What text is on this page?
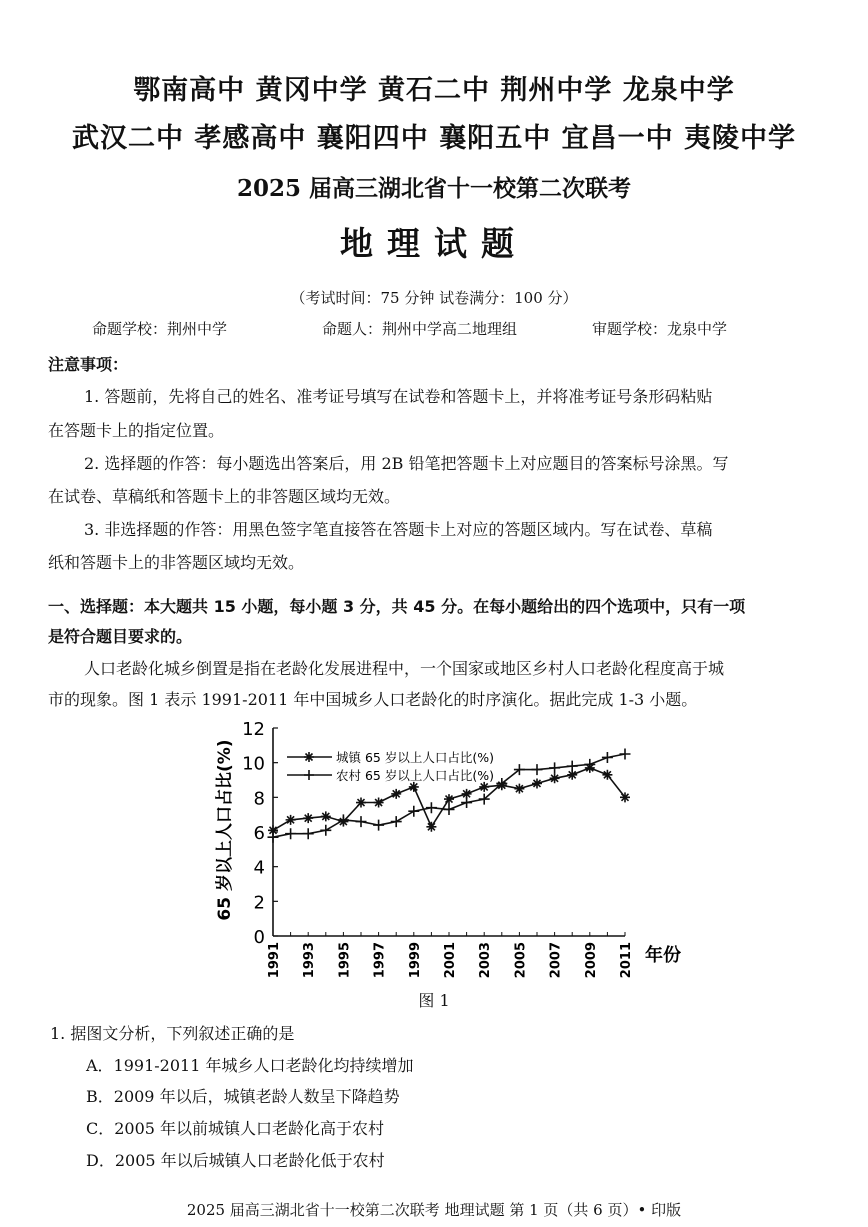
鄂南高中 黄冈中学 黄石二中 荆州中学 龙泉中学
武汉二中 孝感高中 襄阳四中 襄阳五中 宜昌一中 夷陵中学
2025 届高三湖北省十一校第二次联考
地理试题
（考试时间：75 分钟 试卷满分：100 分）
命题学校：荆州中学	命题人：荆州中学高二地理组	审题学校：龙泉中学
注意事项：
1. 答题前，先将自己的姓名、准考证号填写在试卷和答题卡上，并将准考证号条形码粘贴
在答题卡上的指定位置。
2. 选择题的作答：每小题选出答案后，用 2B 铅笔把答题卡上对应题目的答案标号涂黑。写
在试卷、草稿纸和答题卡上的非答题区域均无效。
3. 非选择题的作答：用黑色签字笔直接答在答题卡上对应的答题区域内。写在试卷、草稿
纸和答题卡上的非答题区域均无效。
一、选择题：本大题共 15 小题，每小题 3 分，共 45 分。在每小题给出的四个选项中，只有一项
是符合题目要求的。
人口老龄化城乡倒置是指在老龄化发展进程中，一个国家或地区乡村人口老龄化程度高于城
市的现象。图 1 表示 1991-2011 年中国城乡人口老龄化的时序演化。据此完成 1-3 小题。
65 岁以上人口占比(%)
年份
0
2
4
6
8
10
12
1991 1993 1995 1997 1999 2001 2003 2005 2007 2009 2011
城镇 65 岁以上人口占比(%)
农村 65 岁以上人口占比(%)
图 1
1. 据图文分析，下列叙述正确的是
A．1991-2011 年城乡人口老龄化均持续增加
B．2009 年以后，城镇老龄人数呈下降趋势
C．2005 年以前城镇人口老龄化高于农村
D．2005 年以后城镇人口老龄化低于农村
2025 届高三湖北省十一校第二次联考 地理试题 第 1 页（共 6 页）• 印版
